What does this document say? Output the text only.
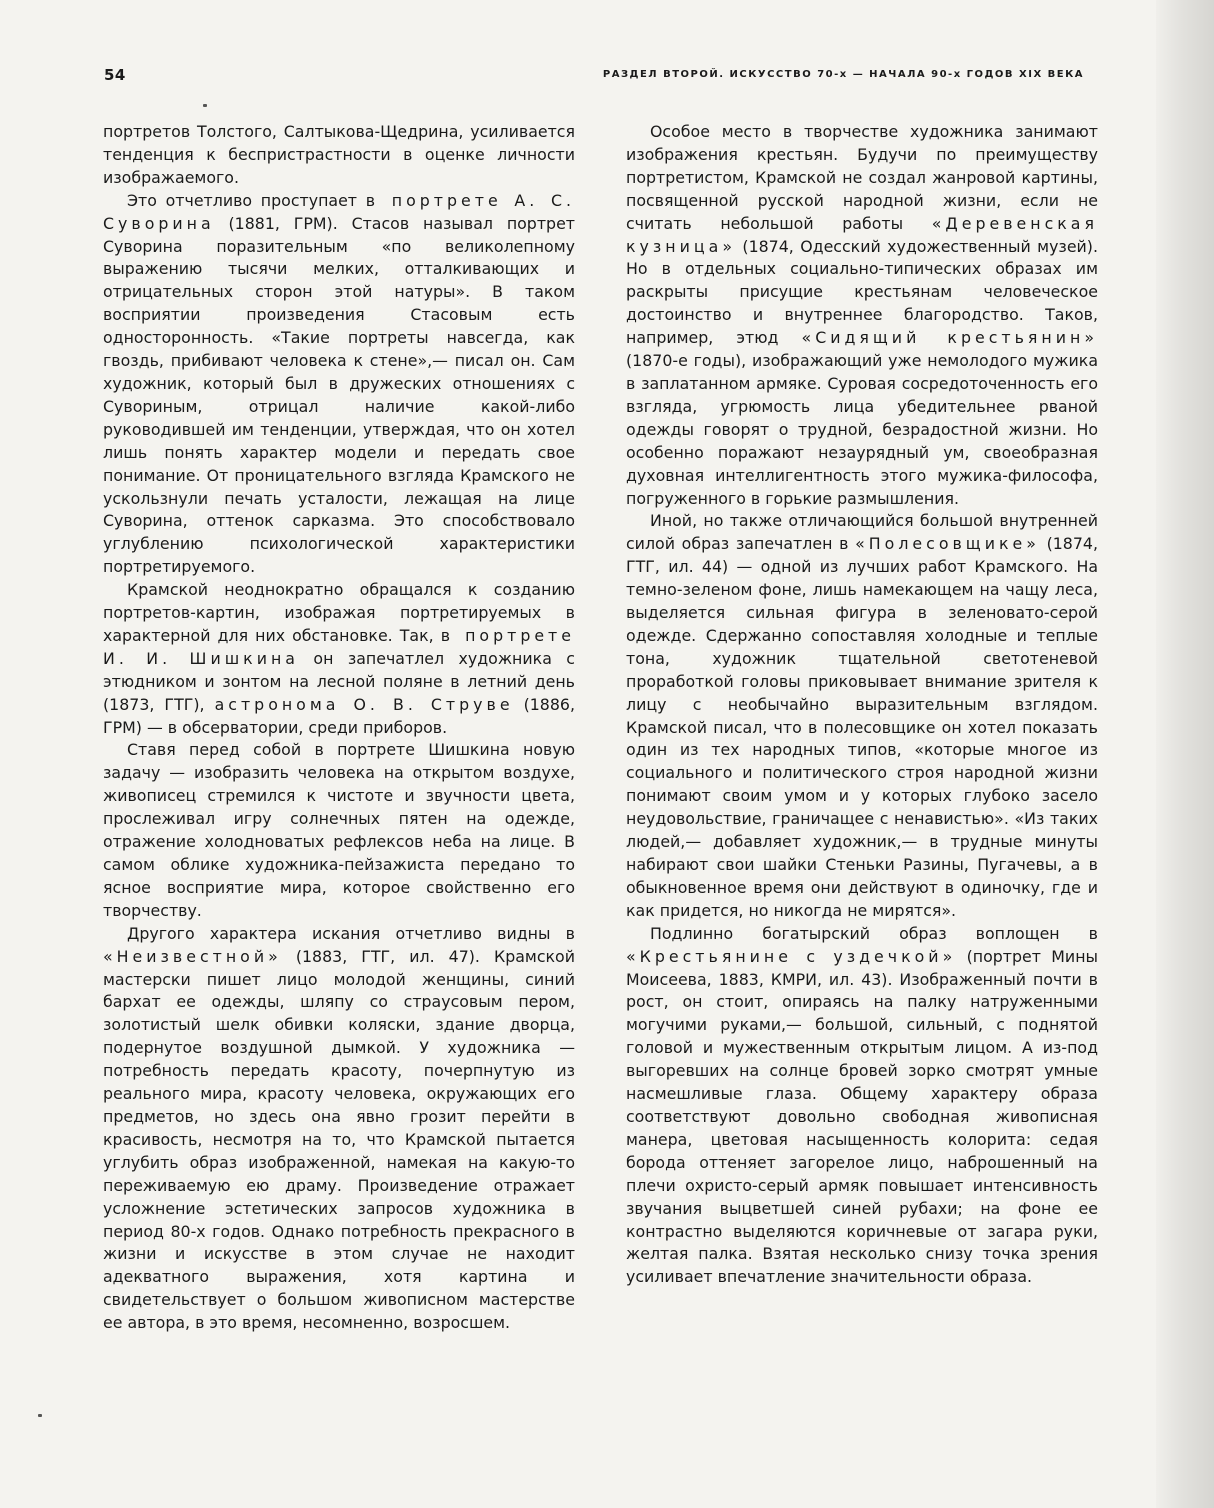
54	РАЗДЕЛ ВТОРОЙ. ИСКУССТВО 70-х — НАЧАЛА 90-х ГОДОВ XIX ВЕКА

портретов Толстого, Салтыкова-Щедрина, усиливается тенденция к беспристрастности в оценке личности изображаемого.

Это отчетливо проступает в портрете А. С. Суворина (1881, ГРМ). Стасов называл портрет Суворина поразительным «по великолепному выражению тысячи мелких, отталкивающих и отрицательных сторон этой натуры». В таком восприятии произведения Стасовым есть односторонность. «Такие портреты навсегда, как гвоздь, прибивают человека к стене»,— писал он. Сам художник, который был в дружеских отношениях с Сувориным, отрицал наличие какой-либо руководившей им тенденции, утверждая, что он хотел лишь понять характер модели и передать свое понимание. От проницательного взгляда Крамского не ускользнули печать усталости, лежащая на лице Суворина, оттенок сарказма. Это способствовало углублению психологической характеристики портретируемого.

Крамской неоднократно обращался к созданию портретов-картин, изображая портретируемых в характерной для них обстановке. Так, в портрете И. И. Шишкина он запечатлел художника с этюдником и зонтом на лесной поляне в летний день (1873, ГТГ), астронома О. В. Струве (1886, ГРМ) — в обсерватории, среди приборов.

Ставя перед собой в портрете Шишкина новую задачу — изобразить человека на открытом воздухе, живописец стремился к чистоте и звучности цвета, прослеживал игру солнечных пятен на одежде, отражение холодноватых рефлексов неба на лице. В самом облике художника-пейзажиста передано то ясное восприятие мира, которое свойственно его творчеству.

Другого характера искания отчетливо видны в «Неизвестной» (1883, ГТГ, ил. 47). Крамской мастерски пишет лицо молодой женщины, синий бархат ее одежды, шляпу со страусовым пером, золотистый шелк обивки коляски, здание дворца, подернутое воздушной дымкой. У художника — потребность передать красоту, почерпнутую из реального мира, красоту человека, окружающих его предметов, но здесь она явно грозит перейти в красивость, несмотря на то, что Крамской пытается углубить образ изображенной, намекая на какую-то переживаемую ею драму. Произведение отражает усложнение эстетических запросов художника в период 80-х годов. Однако потребность прекрасного в жизни и искусстве в этом случае не находит адекватного выражения, хотя картина и свидетельствует о большом живописном мастерстве ее автора, в это время, несомненно, возросшем.

Особое место в творчестве художника занимают изображения крестьян. Будучи по преимуществу портретистом, Крамской не создал жанровой картины, посвященной русской народной жизни, если не считать небольшой работы «Деревенская кузница» (1874, Одесский художественный музей). Но в отдельных социально-типических образах им раскрыты присущие крестьянам человеческое достоинство и внутреннее благородство. Таков, например, этюд «Сидящий крестьянин» (1870-е годы), изображающий уже немолодого мужика в заплатанном армяке. Суровая сосредоточенность его взгляда, угрюмость лица убедительнее рваной одежды говорят о трудной, безрадостной жизни. Но особенно поражают незаурядный ум, своеобразная духовная интеллигентность этого мужика-философа, погруженного в горькие размышления.

Иной, но также отличающийся большой внутренней силой образ запечатлен в «Полесовщике» (1874, ГТГ, ил. 44) — одной из лучших работ Крамского. На темно-зеленом фоне, лишь намекающем на чащу леса, выделяется сильная фигура в зеленовато-серой одежде. Сдержанно сопоставляя холодные и теплые тона, художник тщательной светотеневой проработкой головы приковывает внимание зрителя к лицу с необычайно выразительным взглядом. Крамской писал, что в полесовщике он хотел показать один из тех народных типов, «которые многое из социального и политического строя народной жизни понимают своим умом и у которых глубоко засело неудовольствие, граничащее с ненавистью». «Из таких людей,— добавляет художник,— в трудные минуты набирают свои шайки Стеньки Разины, Пугачевы, а в обыкновенное время они действуют в одиночку, где и как придется, но никогда не мирятся».

Подлинно богатырский образ воплощен в «Крестьянине с уздечкой» (портрет Мины Моисеева, 1883, КМРИ, ил. 43). Изображенный почти в рост, он стоит, опираясь на палку натруженными могучими руками,— большой, сильный, с поднятой головой и мужественным открытым лицом. А из-под выгоревших на солнце бровей зорко смотрят умные насмешливые глаза. Общему характеру образа соответствуют довольно свободная живописная манера, цветовая насыщенность колорита: седая борода оттеняет загорелое лицо, наброшенный на плечи охристо-серый армяк повышает интенсивность звучания выцветшей синей рубахи; на фоне ее контрастно выделяются коричневые от загара руки, желтая палка. Взятая несколько снизу точка зрения усиливает впечатление значительности образа.
